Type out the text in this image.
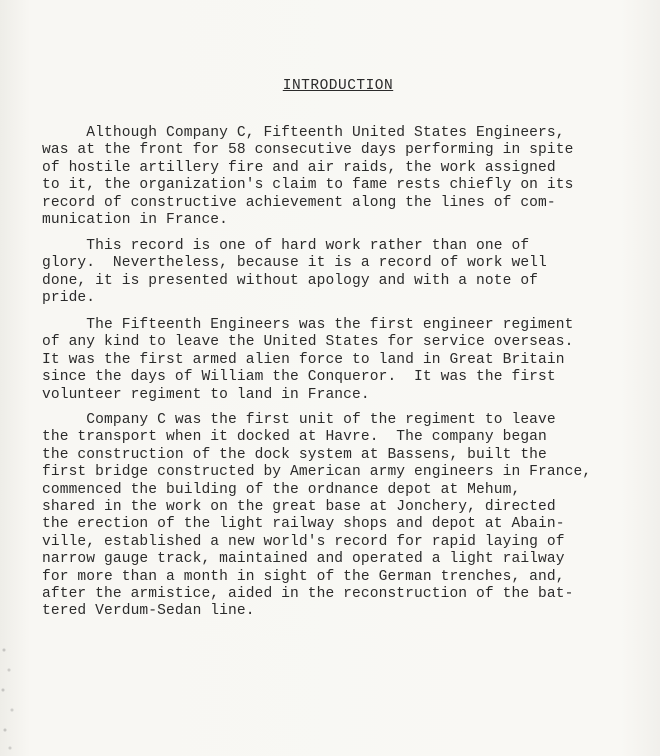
INTRODUCTION
Although Company C, Fifteenth United States Engineers,
was at the front for 58 consecutive days performing in spite
of hostile artillery fire and air raids, the work assigned
to it, the organization's claim to fame rests chiefly on its
record of constructive achievement along the lines of com-
munication in France.
This record is one of hard work rather than one of
glory.  Nevertheless, because it is a record of work well
done, it is presented without apology and with a note of
pride.
The Fifteenth Engineers was the first engineer regiment
of any kind to leave the United States for service overseas.
It was the first armed alien force to land in Great Britain
since the days of William the Conqueror.  It was the first
volunteer regiment to land in France.
Company C was the first unit of the regiment to leave
the transport when it docked at Havre.  The company began
the construction of the dock system at Bassens, built the
first bridge constructed by American army engineers in France,
commenced the building of the ordnance depot at Mehum,
shared in the work on the great base at Jonchery, directed
the erection of the light railway shops and depot at Abain-
ville, established a new world's record for rapid laying of
narrow gauge track, maintained and operated a light railway
for more than a month in sight of the German trenches, and,
after the armistice, aided in the reconstruction of the bat-
tered Verdum-Sedan line.
